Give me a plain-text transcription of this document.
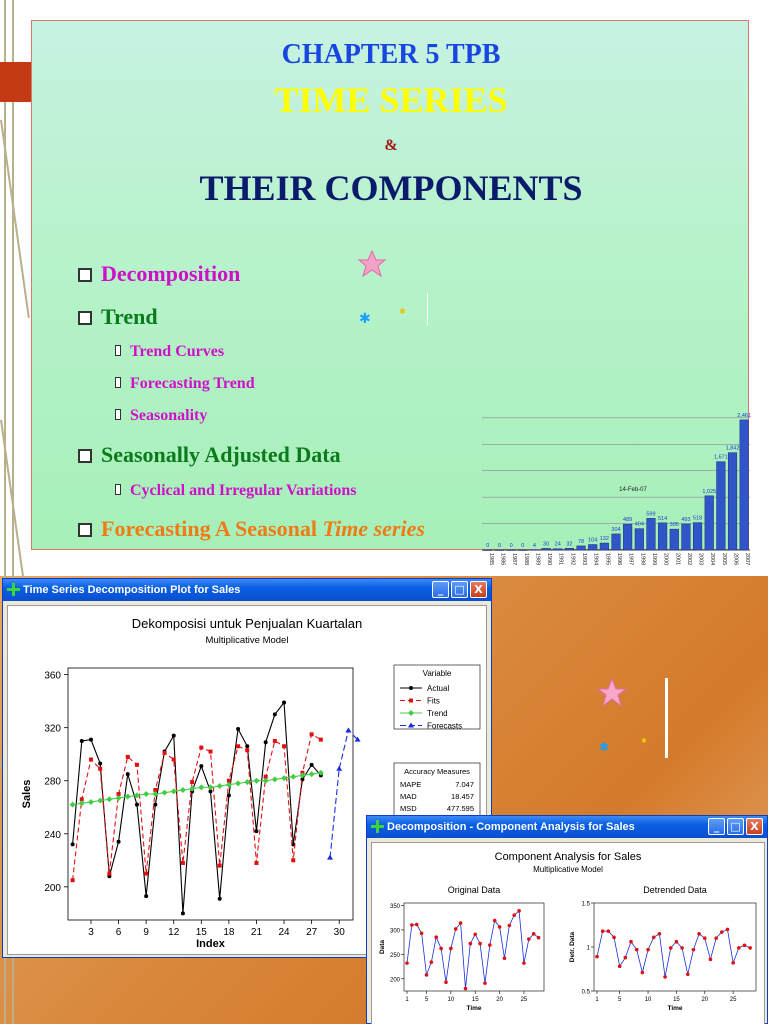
CHAPTER 5 TPB
TIME SERIES
&
THEIR COMPONENTS
Decomposition
Trend
Trend Curves
Forecasting Trend
Seasonality
Seasonally Adjusted Data
Cyclical and Irregular Variations
Forecasting A Seasonal Time series
✱	✱
0
1985
0
1986
0
1987
0
1988
4
1989
30
1990
24
1991
32
1992
78
1993
104
1994
132
1995
304
1996
489
1997
404
1998
599
1999
514
2000
395
2001
493
2002
518
2003
1,025
2004
1,671
2005
1,842
2006
2,461
2007
14-Feb-07
Time Series Decomposition Plot for Sales	_	□ X
Dekomposisi untuk Penjualan Kuartalan
Multiplicative Model
200
240
280
320
360
3 6 9 12 15 18 21 24 27 30
Index
Sales
Variable
Actual
Fits
Trend
Forecasts
Accuracy Measures
MAPE	7.047
MAD	18.457
MSD	477.595
Decomposition - Component Analysis for Sales	_	□ X
Component Analysis for Sales
Multiplicative Model
Original Data
200
250
300
350
1	5	10	15	20	25
Time
Data
Detrended Data
0.5
1
1.5
1	5	10	15	20	25
Time
Detr. Data
✱	✱
